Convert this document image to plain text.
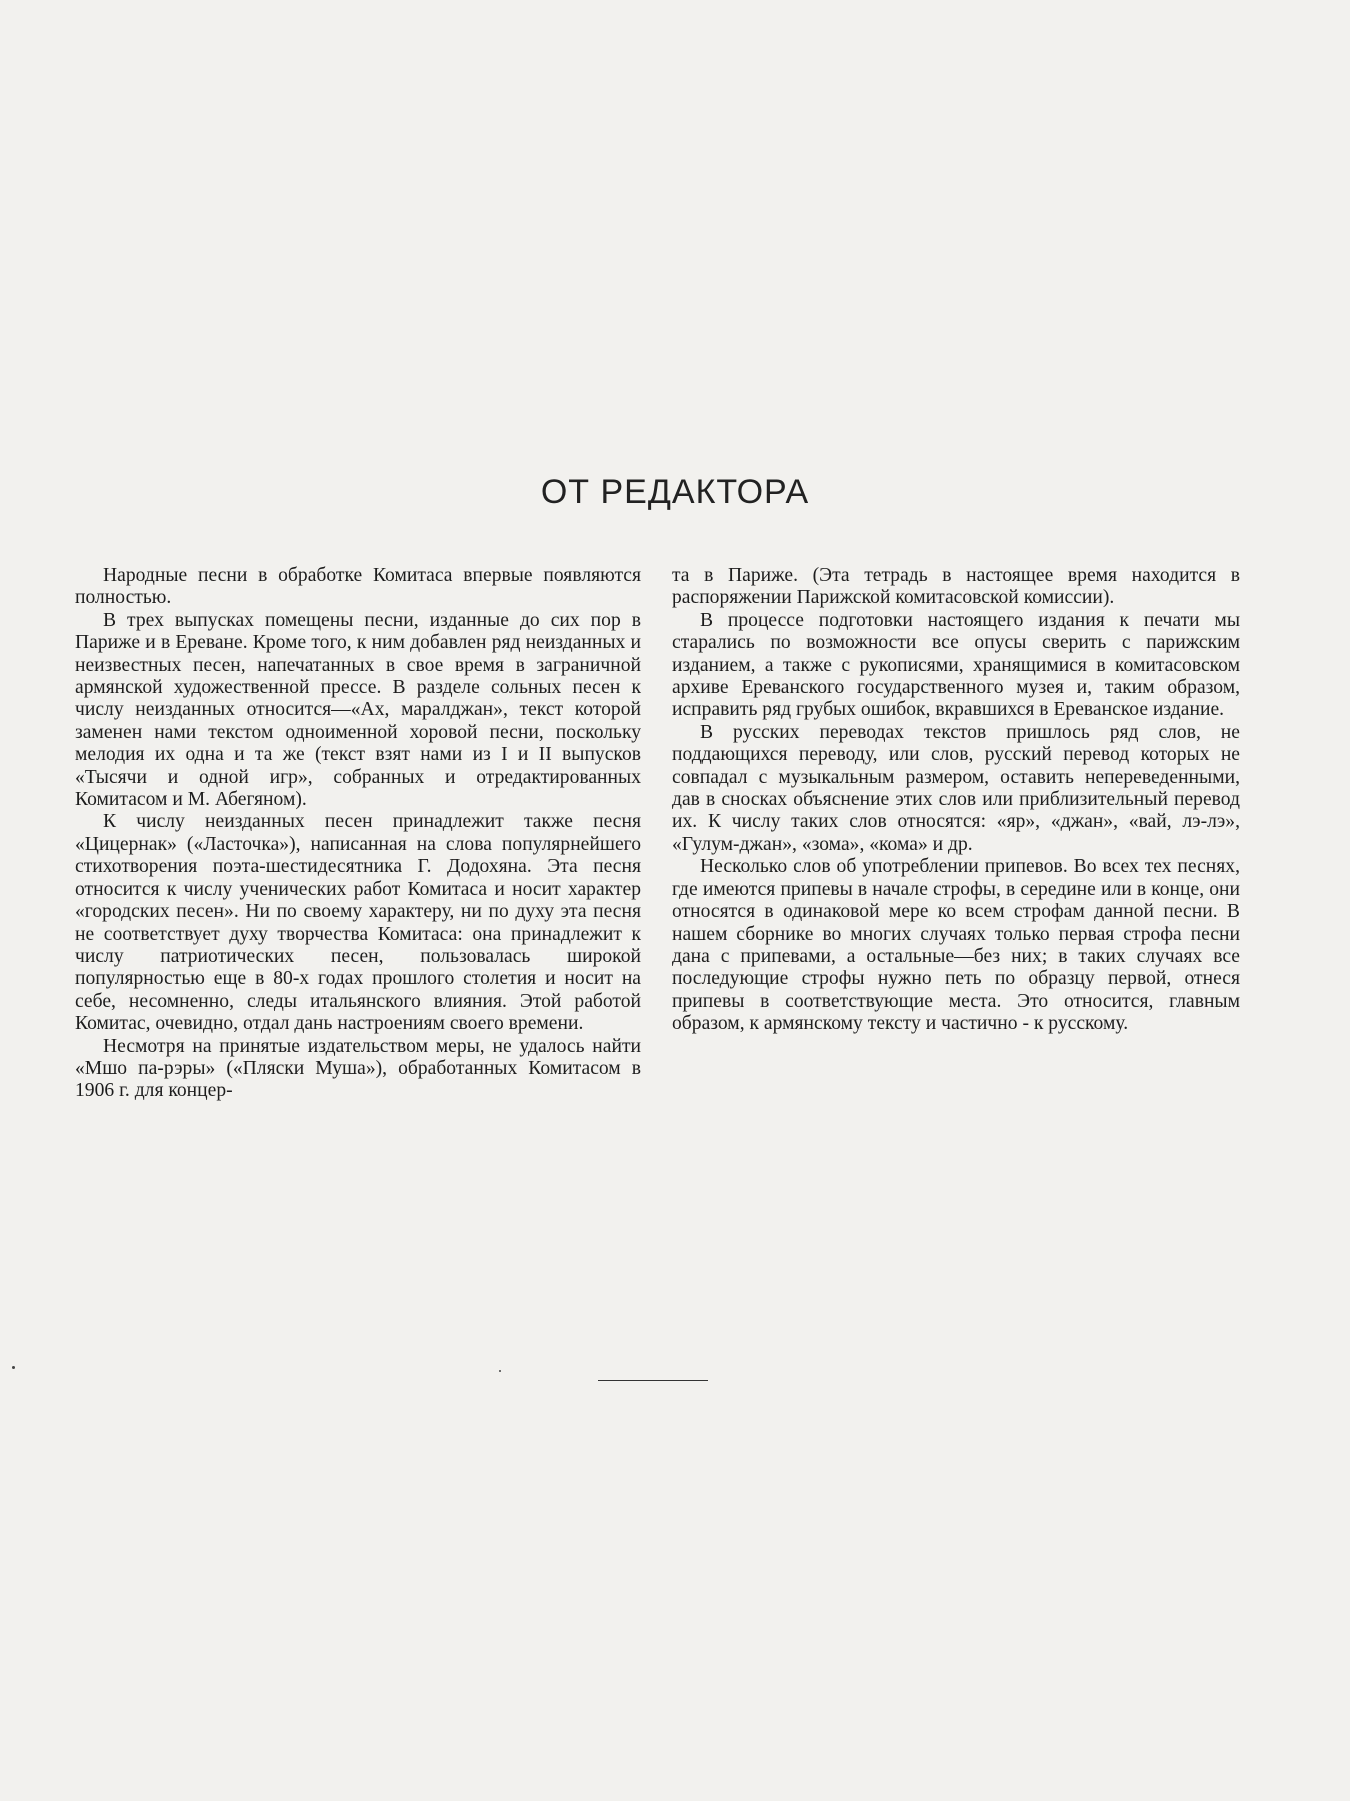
ОТ РЕДАКТОРА

Народные песни в обработке Комитаса впервые появляются полностью.

В трех выпусках помещены песни, изданные до сих пор в Париже и в Ереване. Кроме того, к ним добавлен ряд неизданных и неизвестных песен, напечатанных в свое время в заграничной армянской художественной прессе. В разделе сольных песен к числу неизданных относится—«Ах, маралджан», текст которой заменен нами текстом одноименной хоровой песни, поскольку мелодия их одна и та же (текст взят нами из I и II выпусков «Тысячи и одной игр», собранных и отредактированных Комитасом и М. Абегяном).

К числу неизданных песен принадлежит также песня «Цицернак» («Ласточка»), написанная на слова популярнейшего стихотворения поэта-шестидесятника Г. Додохяна. Эта песня относится к числу ученических работ Комитаса и носит характер «городских песен». Ни по своему характеру, ни по духу эта песня не соответствует духу творчества Комитаса: она принадлежит к числу патриотических песен, пользовалась широкой популярностью еще в 80-х годах прошлого столетия и носит на себе, несомненно, следы итальянского влияния. Этой работой Комитас, очевидно, отдал дань настроениям своего времени.

Несмотря на принятые издательством меры, не удалось найти «Мшо па-рэры» («Пляски Муша»), обработанных Комитасом в 1906 г. для концер-

та в Париже. (Эта тетрадь в настоящее время находится в распоряжении Парижской комитасовской комиссии).

В процессе подготовки настоящего издания к печати мы старались по возможности все опусы сверить с парижским изданием, а также с рукописями, хранящимися в комитасовском архиве Ереванского государственного музея и, таким образом, исправить ряд грубых ошибок, вкравшихся в Ереванское издание.

В русских переводах текстов пришлось ряд слов, не поддающихся переводу, или слов, русский перевод которых не совпадал с музыкальным размером, оставить непереведенными, дав в сносках объяснение этих слов или приблизительный перевод их. К числу таких слов относятся: «яр», «джан», «вай, лэ-лэ», «Гулум-джан», «зома», «кома» и др.

Несколько слов об употреблении припевов. Во всех тех песнях, где имеются припевы в начале строфы, в середине или в конце, они относятся в одинаковой мере ко всем строфам данной песни. В нашем сборнике во многих случаях только первая строфа песни дана с припевами, а остальные—без них; в таких случаях все последующие строфы нужно петь по образцу первой, отнеся припевы в соответствующие места. Это относится, главным образом, к армянскому тексту и частично - к русскому.
